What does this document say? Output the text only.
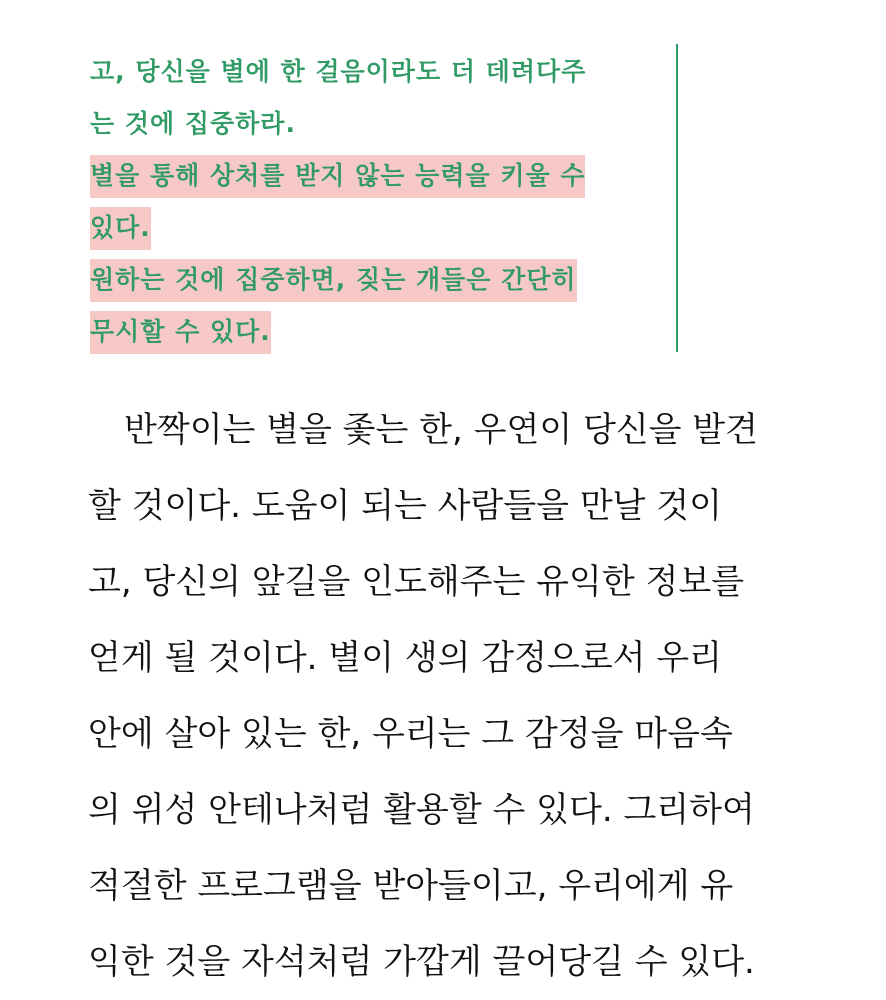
고, 당신을 별에 한 걸음이라도 더 데려다주
는 것에 집중하라.
별을 통해 상처를 받지 않는 능력을 키울 수
있다.
원하는 것에 집중하면, 짖는 개들은 간단히
무시할 수 있다.
반짝이는 별을 좇는 한, 우연이 당신을 발견
할 것이다. 도움이 되는 사람들을 만날 것이
고, 당신의 앞길을 인도해주는 유익한 정보를
얻게 될 것이다. 별이 생의 감정으로서 우리
안에 살아 있는 한, 우리는 그 감정을 마음속
의 위성 안테나처럼 활용할 수 있다. 그리하여
적절한 프로그램을 받아들이고, 우리에게 유
익한 것을 자석처럼 가깝게 끌어당길 수 있다.
